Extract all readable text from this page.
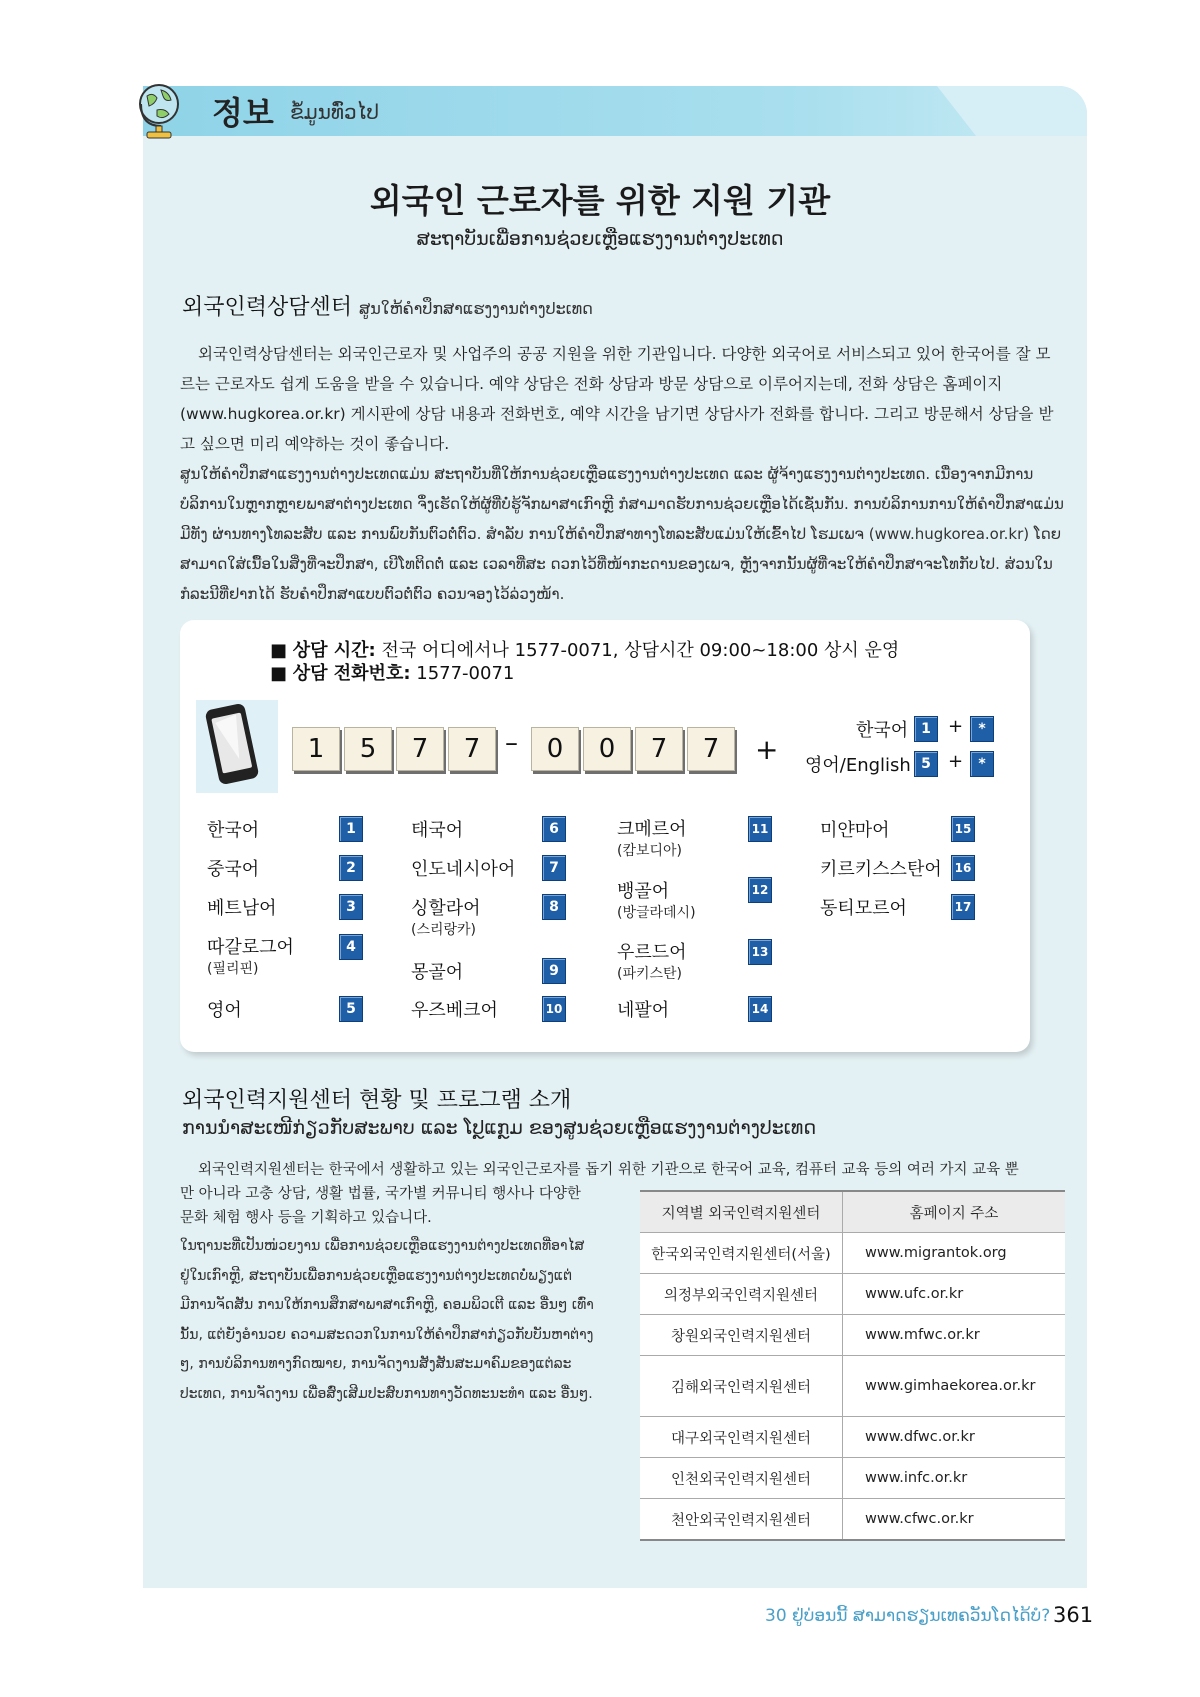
정보 ຂໍ້ມູນທົ່ວໄປ
외국인 근로자를 위한 지원 기관
ສະຖາບັນເພື່ອການຊ່ວຍເຫຼືອແຮງງານຕ່າງປະເທດ
외국인력상담센터 ສູນໃຫ້ຄຳປຶກສາແຮງງານຕ່າງປະເທດ

외국인력상담센터는 외국인근로자 및 사업주의 공공 지원을 위한 기관입니다. 다양한 외국어로 서비스되고 있어 한국어를 잘 모르는 근로자도 쉽게 도움을 받을 수 있습니다. 예약 상담은 전화 상담과 방문 상담으로 이루어지는데, 전화 상담은 홈페이지(www.hugkorea.or.kr) 게시판에 상담 내용과 전화번호, 예약 시간을 남기면 상담사가 전화를 합니다. 그리고 방문해서 상담을 받고 싶으면 미리 예약하는 것이 좋습니다.

ສູນໃຫ້ຄຳປຶກສາແຮງງານຕ່າງປະເທດແມ່ນ ສະຖາບັນທີ່ໃຫ້ການຊ່ວຍເຫຼືອແຮງງານຕ່າງປະເທດ ແລະ ຜູ້ຈ້າງແຮງງານຕ່າງປະເທດ. ເນື່ອງຈາກມີການບໍລິການໃນຫຼາກຫຼາຍພາສາຕ່າງປະເທດ ຈຶ່ງເຮັດໃຫ້ຜູ້ທີ່ບໍ່ຮູ້ຈັກພາສາເກົາຫຼີ ກໍສາມາດຮັບການຊ່ວຍເຫຼືອໄດ້ເຊັ່ນກັນ. ການບໍລິການການໃຫ້ຄຳປຶກສາແມ່ນມີທັງ ຜ່ານທາງໂທລະສັບ ແລະ ການພົບກັນຕົວຕໍ່ຕົວ. ສຳລັບ ການໃຫ້ຄຳປຶກສາທາງໂທລະສັບແມ່ນໃຫ້ເຂົ້າໄປ ໂຮມເພຈ (www.hugkorea.or.kr) ໂດຍສາມາດໃສ່ເນື້ອໃນສິ່ງທີ່ຈະປຶກສາ, ເບີໂທຕິດຕໍ່ ແລະ ເວລາທີ່ສະ ດວກໄວ້ທີ່ໜ້າກະດານຂອງເພຈ, ຫຼັງຈາກນັ້ນຜູ້ທີ່ຈະໃຫ້ຄຳປຶກສາຈະໂທກັບໄປ. ສ່ວນໃນກໍລະນີທີ່ຢາກໄດ້ ຮັບຄຳປຶກສາແບບຕົວຕໍ່ຕົວ ຄວນຈອງໄວ້ລ່ວງໜ້າ.

■ 상담 시간: 전국 어디에서나 1577-0071, 상담시간 09:00~18:00 상시 운영
■ 상담 전화번호: 1577-0071
1	5	7	7 –	0	0	7	7	+
한국어 1 +	*
영어/English 5 +	*
한국어	1
중국어	2
베트남어	3
따갈로그어
(필리핀)
4
영어	5
태국어	6
인도네시아어	7
싱할라어
(스리랑카)
8
몽골어	9
우즈베크어	10
크메르어
(캄보디아)
11
뱅골어
(방글라데시)
12
우르드어
(파키스탄)
13
네팔어	14
미얀마어	15
키르키스스탄어	16
동티모르어	17
외국인력지원센터 현황 및 프로그램 소개
ການນຳສະເໜີກ່ຽວກັບສະພາບ ແລະ ໂປຼແກຼມ ຂອງສູນຊ່ວຍເຫຼືອແຮງງານຕ່າງປະເທດ

외국인력지원센터는 한국에서 생활하고 있는 외국인근로자를 돕기 위한 기관으로 한국어 교육, 컴퓨터 교육 등의 여러 가지 교육 뿐

만 아니라 고충 상담, 생활 법률, 국가별 커뮤니티 행사나 다양한
문화 체험 행사 등을 기획하고 있습니다.
ໃນຖານະທີ່ເປັນໜ່ວຍງານ ເພື່ອການຊ່ວຍເຫຼືອແຮງງານຕ່າງປະເທດທີ່ອາໄສຢູ່ໃນເກົາຫຼີ, ສະຖາບັນເພື່ອການຊ່ວຍເຫຼືອແຮງງານຕ່າງປະເທດບໍ່ພຽງແຕ່ມີການຈັດສັນ ການໃຫ້ການສຶກສາພາສາເກົາຫຼີ, ຄອມພິວເຕີ ແລະ ອື່ນໆ ເທົ່ານັ້ນ, ແຕ່ຍັງອຳນວຍ ຄວາມສະດວກໃນການໃຫ້ຄຳປຶກສາກ່ຽວກັບບັນຫາຕ່າງໆ, ການບໍລິການທາງກົດໝາຍ, ການຈັດງານສັງສັນສະມາຄົມຂອງແຕ່ລະປະເທດ, ການຈັດງານ ເພື່ອສົ່ງເສີມປະສົບການທາງວັດທະນະທຳ ແລະ ອື່ນໆ.
지역별 외국인력지원센터	홈페이지 주소
한국외국인력지원센터(서울)	www.migrantok.org
의정부외국인력지원센터	www.ufc.or.kr
창원외국인력지원센터	www.mfwc.or.kr
김해외국인력지원센터	www.gimhaekorea.or.kr
대구외국인력지원센터	www.dfwc.or.kr
인천외국인력지원센터	www.infc.or.kr
천안외국인력지원센터	www.cfwc.or.kr
30 ຢູ່ບ່ອນນີ້ ສາມາດຮຽນເທຄວັນໂດໄດ້ບໍ? 361
